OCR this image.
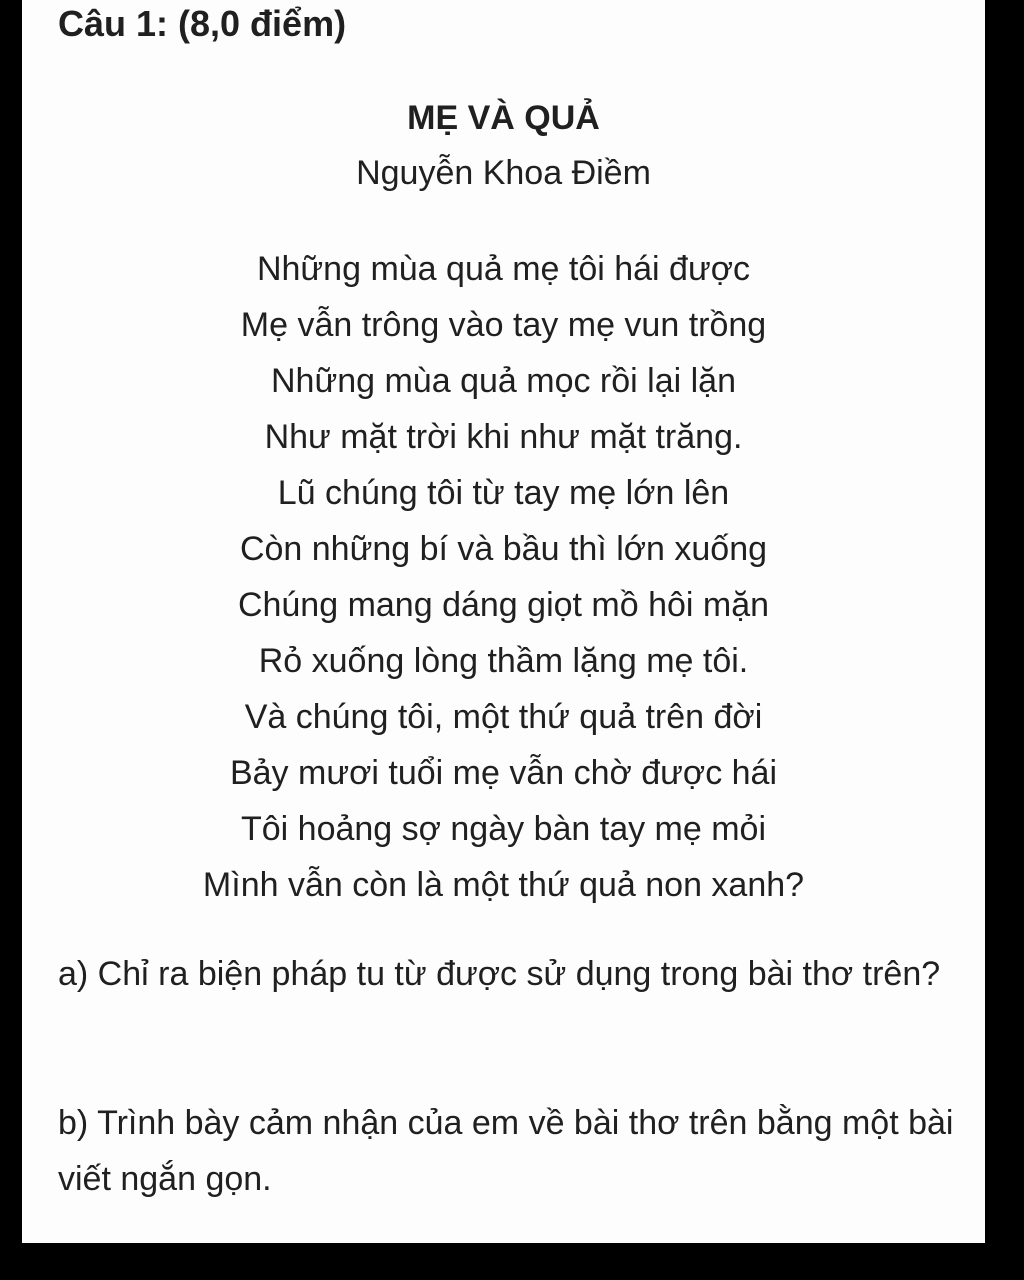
Câu 1: (8,0 điểm)
MẸ VÀ QUẢ
Nguyễn Khoa Điềm
Những mùa quả mẹ tôi hái được
Mẹ vẫn trông vào tay mẹ vun trồng
Những mùa quả mọc rồi lại lặn
Như mặt trời khi như mặt trăng.
Lũ chúng tôi từ tay mẹ lớn lên
Còn những bí và bầu thì lớn xuống
Chúng mang dáng giọt mồ hôi mặn
Rỏ xuống lòng thầm lặng mẹ tôi.
Và chúng tôi, một thứ quả trên đời
Bảy mươi tuổi mẹ vẫn chờ được hái
Tôi hoảng sợ ngày bàn tay mẹ mỏi
Mình vẫn còn là một thứ quả non xanh?
a) Chỉ ra biện pháp tu từ được sử dụng trong bài thơ trên?
b) Trình bày cảm nhận của em về bài thơ trên bằng một bài viết ngắn gọn.
